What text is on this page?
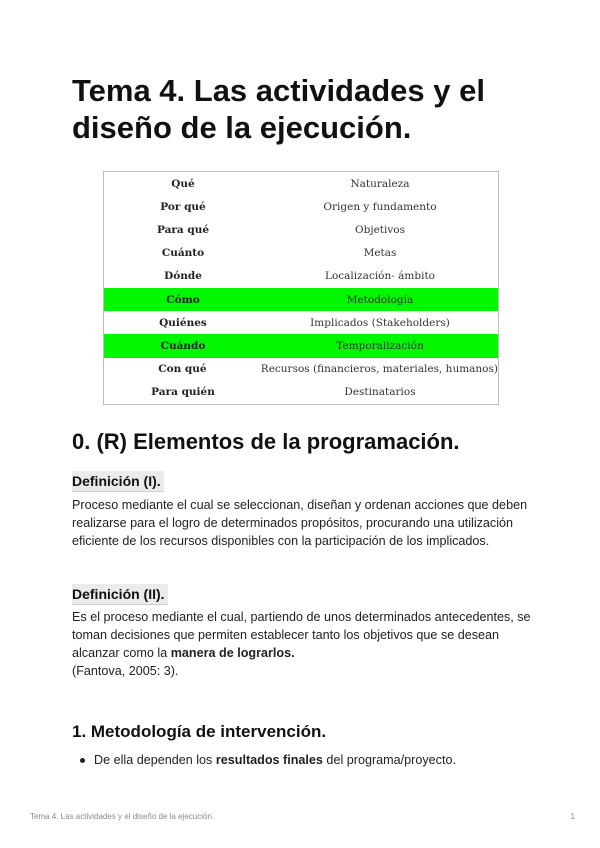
Tema 4. Las actividades y el diseño de la ejecución.
Qué	Naturaleza
Por qué	Origen y fundamento
Para qué	Objetivos
Cuánto	Metas
Dónde	Localización- ámbito
Cómo	Metodología
Quiénes	Implicados (Stakeholders)
Cuándo	Temporalización
Con qué	Recursos (financieros, materiales, humanos)
Para quién	Destinatarios
0. (R) Elementos de la programación.
Definición (I).

Proceso mediante el cual se seleccionan, diseñan y ordenan acciones que deben realizarse para el logro de determinados propósitos, procurando una utilización eficiente de los recursos disponibles con la participación de los implicados.

Definición (II).

Es el proceso mediante el cual, partiendo de unos determinados antecedentes, se toman decisiones que permiten establecer tanto los objetivos que se desean alcanzar como la manera de lograrlos.
(Fantova, 2005: 3).

1. Metodología de intervención.
De ella dependen los resultados finales del programa/proyecto.
Tema 4. Las actividades y el diseño de la ejecución.	1
